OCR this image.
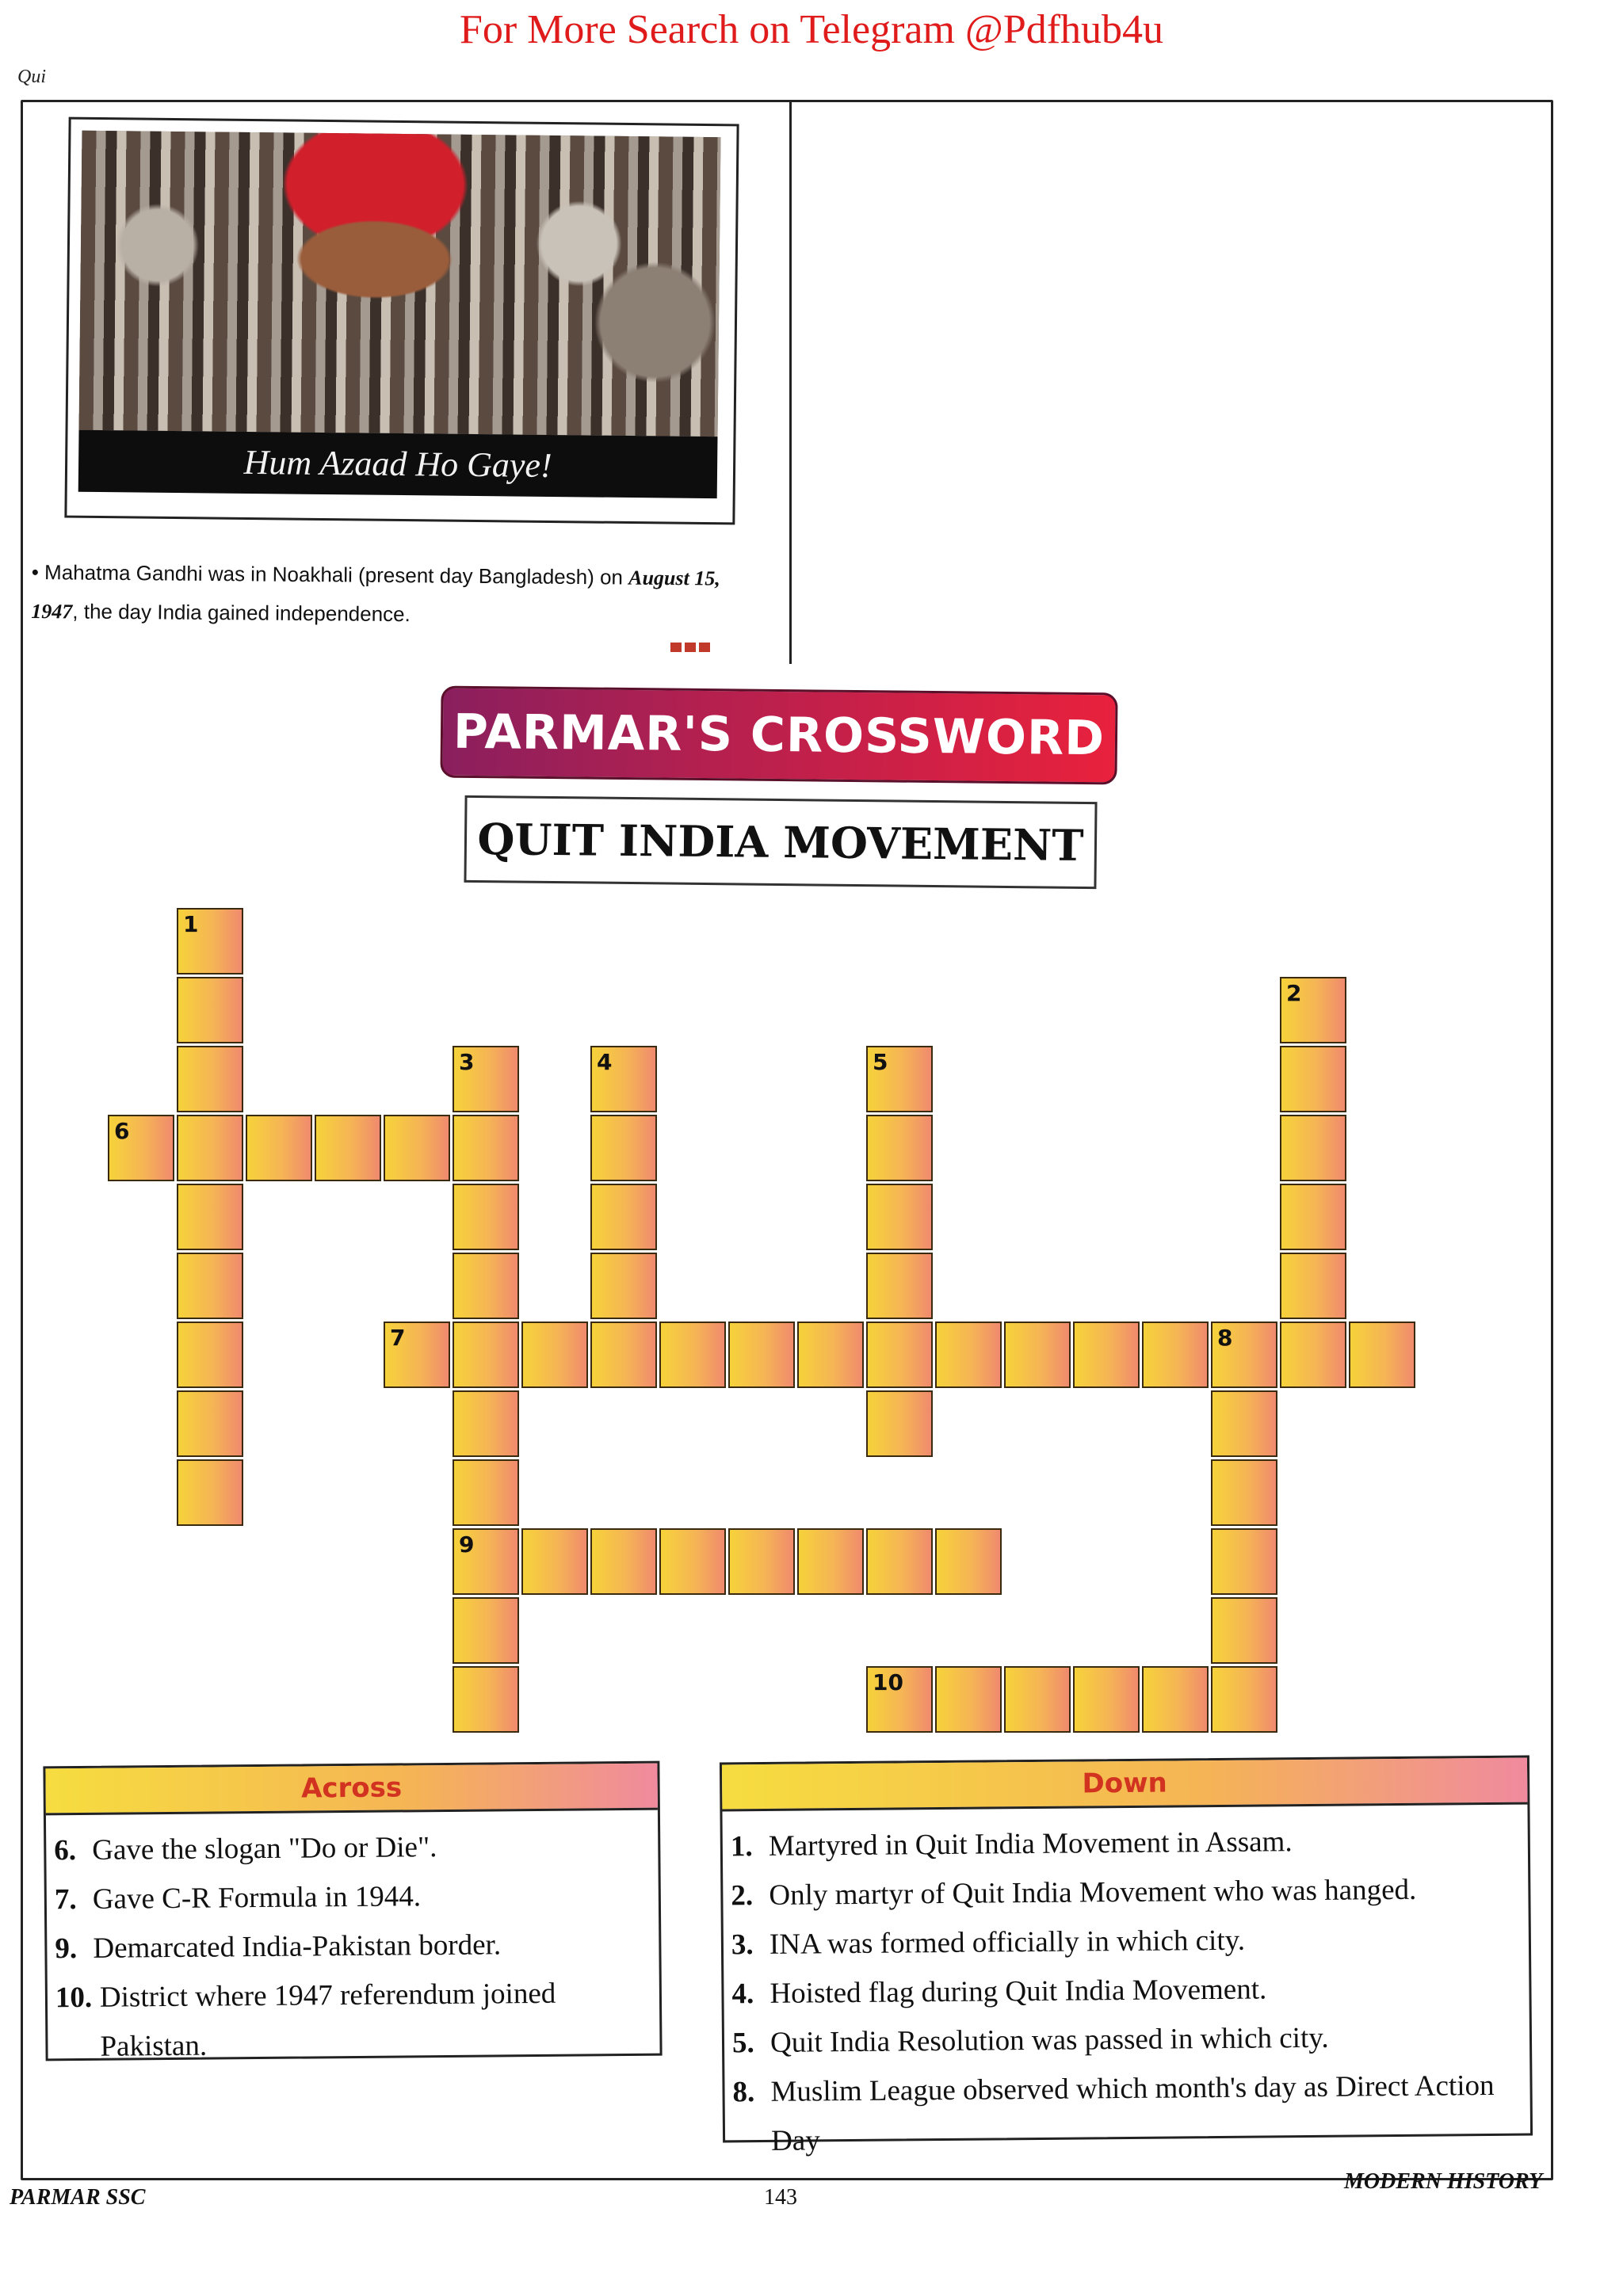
For More Search on Telegram @Pdfhub4u
Qui
Hum Azaad Ho Gaye!
• Mahatma Gandhi was in Noakhali (present day Bangladesh) on August 15, 1947, the day India gained independence.
PARMAR'S CROSSWORD
QUIT INDIA MOVEMENT
1
2
3
9
4	5
6
7	8
10
Across
6. Gave the slogan "Do or Die".
7. Gave C-R Formula in 1944.
9. Demarcated India-Pakistan border.
10. District where 1947 referendum joined Pakistan.
Down
1. Martyred in Quit India Movement in Assam.
2. Only martyr of Quit India Movement who was hanged.
3. INA was formed officially in which city.
4. Hoisted flag during Quit India Movement.
5. Quit India Resolution was passed in which city.
8. Muslim League observed which month's day as Direct Action Day
PARMAR SSC	143
MODERN HISTORY
